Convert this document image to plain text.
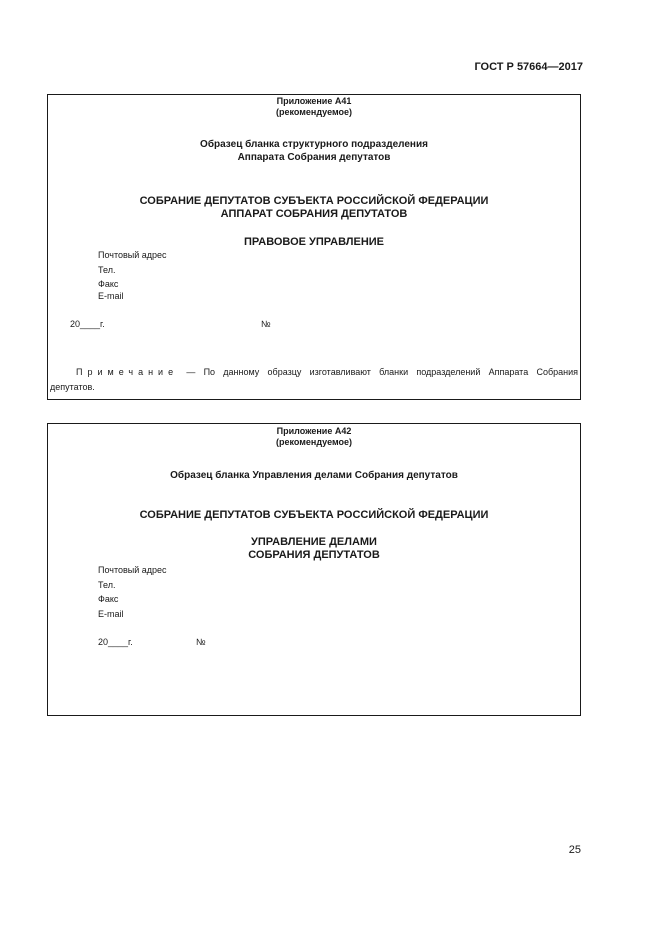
ГОСТ Р 57664—2017
Приложение А41
(рекомендуемое)
Образец бланка структурного подразделения
Аппарата Собрания депутатов
СОБРАНИЕ ДЕПУТАТОВ СУБЪЕКТА РОССИЙСКОЙ ФЕДЕРАЦИИ
АППАРАТ СОБРАНИЯ ДЕПУТАТОВ
ПРАВОВОЕ УПРАВЛЕНИЕ
Почтовый адрес
Тел.
Факс
E-mail
20____г.	№
Примечание — По данному образцу изготавливают бланки подразделений Аппарата Собрания
депутатов.
Приложение А42
(рекомендуемое)
Образец бланка Управления делами Собрания депутатов
СОБРАНИЕ ДЕПУТАТОВ СУБЪЕКТА РОССИЙСКОЙ ФЕДЕРАЦИИ
УПРАВЛЕНИЕ ДЕЛАМИ
СОБРАНИЯ ДЕПУТАТОВ
Почтовый адрес
Тел.
Факс
E-mail
20____г.	№
25
